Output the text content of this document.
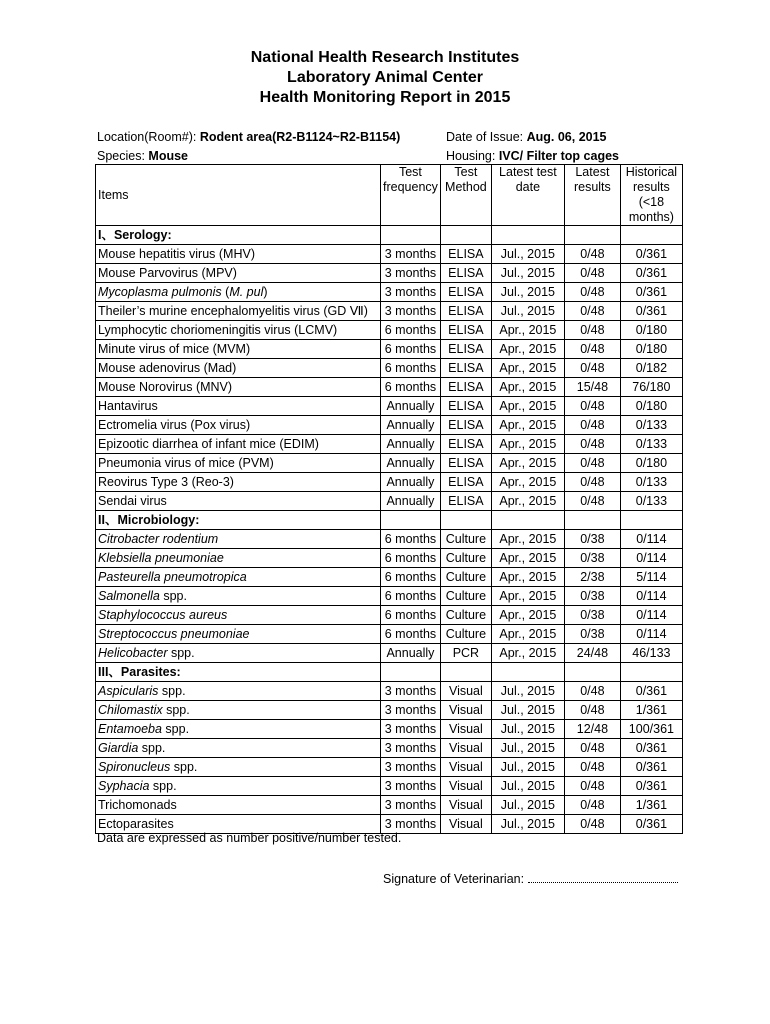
National Health Research Institutes
Laboratory Animal Center
Health Monitoring Report in 2015
Location(Room#): Rodent area(R2-B1124~R2-B1154)	Date of Issue: Aug. 06, 2015
Species: Mouse	Housing: IVC/ Filter top cages
Items	Test frequency	Test Method	Latest test date	Latest results	Historical results (<18 months)
I、Serology:					
Mouse hepatitis virus (MHV)	3 months	ELISA	Jul., 2015	0/48	0/361
Mouse Parvovirus (MPV)	3 months	ELISA	Jul., 2015	0/48	0/361
Mycoplasma pulmonis (M. pul)	3 months	ELISA	Jul., 2015	0/48	0/361
Theiler’s murine encephalomyelitis virus (GD Ⅶ)	3 months	ELISA	Jul., 2015	0/48	0/361
Lymphocytic choriomeningitis virus (LCMV)	6 months	ELISA	Apr., 2015	0/48	0/180
Minute virus of mice (MVM)	6 months	ELISA	Apr., 2015	0/48	0/180
Mouse adenovirus (Mad)	6 months	ELISA	Apr., 2015	0/48	0/182
Mouse Norovirus (MNV)	6 months	ELISA	Apr., 2015	15/48	76/180
Hantavirus	Annually	ELISA	Apr., 2015	0/48	0/180
Ectromelia virus (Pox virus)	Annually	ELISA	Apr., 2015	0/48	0/133
Epizootic diarrhea of infant mice (EDIM)	Annually	ELISA	Apr., 2015	0/48	0/133
Pneumonia virus of mice (PVM)	Annually	ELISA	Apr., 2015	0/48	0/180
Reovirus Type 3 (Reo-3)	Annually	ELISA	Apr., 2015	0/48	0/133
Sendai virus	Annually	ELISA	Apr., 2015	0/48	0/133
II、Microbiology:					
Citrobacter rodentium	6 months	Culture	Apr., 2015	0/38	0/114
Klebsiella pneumoniae	6 months	Culture	Apr., 2015	0/38	0/114
Pasteurella pneumotropica	6 months	Culture	Apr., 2015	2/38	5/114
Salmonella spp.	6 months	Culture	Apr., 2015	0/38	0/114
Staphylococcus aureus	6 months	Culture	Apr., 2015	0/38	0/114
Streptococcus pneumoniae	6 months	Culture	Apr., 2015	0/38	0/114
Helicobacter spp.	Annually	PCR	Apr., 2015	24/48	46/133
III、Parasites:					
Aspicularis spp.	3 months	Visual	Jul., 2015	0/48	0/361
Chilomastix spp.	3 months	Visual	Jul., 2015	0/48	1/361
Entamoeba spp.	3 months	Visual	Jul., 2015	12/48	100/361
Giardia spp.	3 months	Visual	Jul., 2015	0/48	0/361
Spironucleus spp.	3 months	Visual	Jul., 2015	0/48	0/361
Syphacia spp.	3 months	Visual	Jul., 2015	0/48	0/361
Trichomonads	3 months	Visual	Jul., 2015	0/48	1/361
Ectoparasites	3 months	Visual	Jul., 2015	0/48	0/361
Data are expressed as number positive/number tested.
Signature of Veterinarian:
